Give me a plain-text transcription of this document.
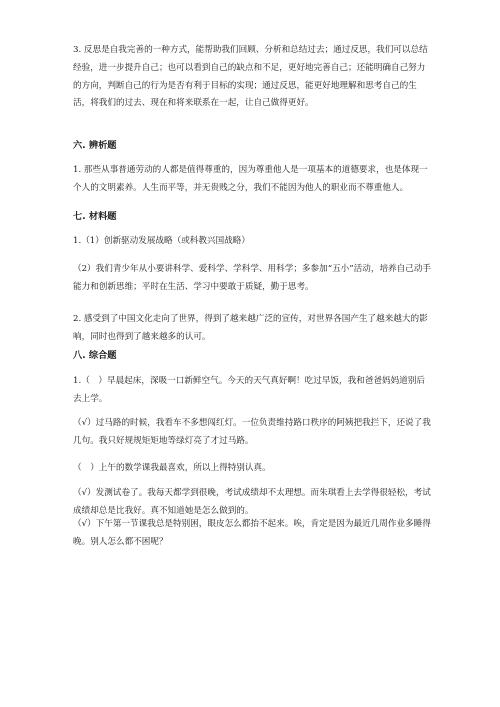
3. 反思是自我完善的一种方式，能帮助我们回顾、分析和总结过去；通过反思，我们可以总结经验，进一步提升自己；也可以看到自己的缺点和不足，更好地完善自己；还能明确自己努力的方向，判断自己的行为是否有利于目标的实现；通过反思，能更好地理解和思考自己的生活，将我们的过去、现在和将来联系在一起，让自己做得更好。

六. 辨析题

1. 那些从事普通劳动的人都是值得尊重的，因为尊重他人是一项基本的道德要求，也是体现一个人的文明素养。人生而平等，并无贵贱之分，我们不能因为他人的职业而不尊重他人。

七. 材料题

1.（1）创新驱动发展战略（或科教兴国战略）

（2）我们青少年从小要讲科学、爱科学、学科学、用科学；多参加“五小”活动，培养自己动手能力和创新思维；平时在生活、学习中要敢于质疑，勤于思考。

2. 感受到了中国文化走向了世界，得到了越来越广泛的宣传，对世界各国产生了越来越大的影响，同时也得到了越来越多的认可。

八. 综合题

1.（　）早晨起床，深吸一口新鲜空气。今天的天气真好啊！吃过早饭，我和爸爸妈妈道别后去上学。

（√）过马路的时候，我看车不多想闯红灯。一位负责维持路口秩序的阿姨把我拦下，还说了我几句。我只好规规矩矩地等绿灯亮了才过马路。

（　）上午的数学课我最喜欢，所以上得特别认真。

（√）发测试卷了。我每天都学到很晚，考试成绩却不太理想。而朱琪看上去学得很轻松，考试成绩却总是比我好。真不知道她是怎么做到的。

（√）下午第一节课我总是特别困，眼皮怎么都抬不起来。唉，肯定是因为最近几周作业多睡得晚。别人怎么都不困呢？
